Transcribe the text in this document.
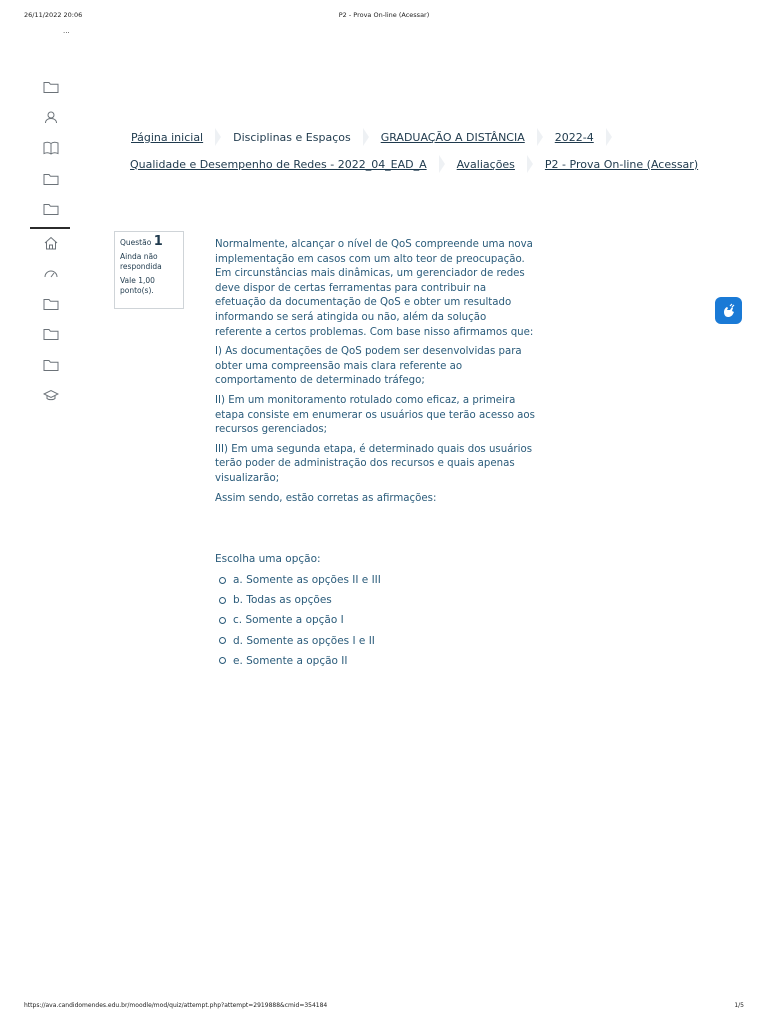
26/11/2022 20:06	P2 - Prova On-line (Acessar)
...
Página inicial	Disciplinas e Espaços	GRADUAÇÃO A DISTÂNCIA	2022-4
Qualidade e Desempenho de Redes - 2022_04_EAD_A	Avaliações	P2 - Prova On-line (Acessar)
Questão 1

Ainda não respondida

Vale 1,00 ponto(s).

Normalmente, alcançar o nível de QoS compreende uma nova implementação em casos com um alto teor de preocupação. Em circunstâncias mais dinâmicas, um gerenciador de redes deve dispor de certas ferramentas para contribuir na efetuação da documentação de QoS e obter um resultado informando se será atingida ou não, além da solução referente a certos problemas. Com base nisso afirmamos que:

I) As documentações de QoS podem ser desenvolvidas para obter uma compreensão mais clara referente ao comportamento de determinado tráfego;

II) Em um monitoramento rotulado como eficaz, a primeira etapa consiste em enumerar os usuários que terão acesso aos recursos gerenciados;

III) Em uma segunda etapa, é determinado quais dos usuários terão poder de administração dos recursos e quais apenas visualizarão;

Assim sendo, estão corretas as afirmações:

Escolha uma opção:
a. Somente as opções II e III
b. Todas as opções
c. Somente a opção I
d. Somente as opções I e II
e. Somente a opção II
https://ava.candidomendes.edu.br/moodle/mod/quiz/attempt.php?attempt=2919888&cmid=354184	1/5
